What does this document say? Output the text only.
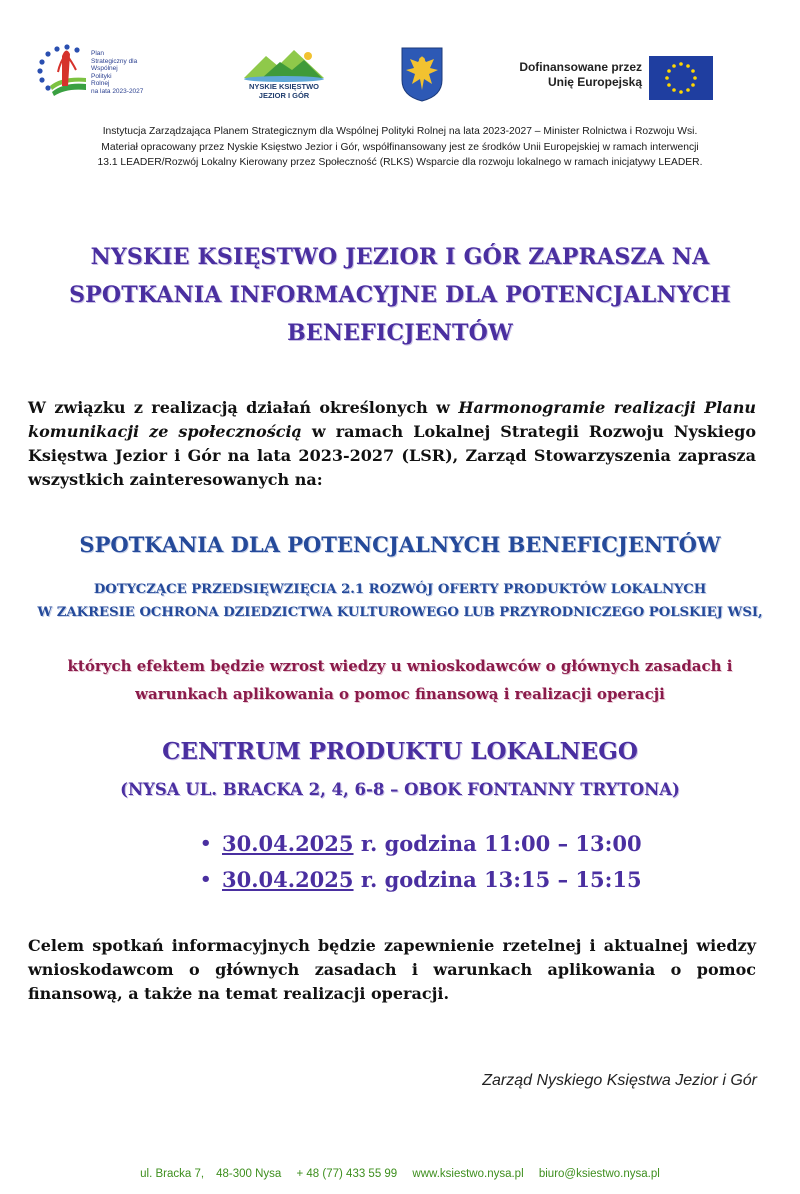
Plan
Strategiczny dla
Wspólnej
Polityki
Rolnej
na lata 2023-2027
NYSKIE KSIĘSTWO
JEZIOR I GÓR
Dofinansowane przez
Unię Europejską
Instytucja Zarządzająca Planem Strategicznym dla Wspólnej Polityki Rolnej na lata 2023-2027 – Minister Rolnictwa i Rozwoju Wsi.
Materiał opracowany przez Nyskie Księstwo Jezior i Gór, współfinansowany jest ze środków Unii Europejskiej w ramach interwencji
13.1 LEADER/Rozwój Lokalny Kierowany przez Społeczność (RLKS) Wsparcie dla rozwoju lokalnego w ramach inicjatywy LEADER.
NYSKIE KSIĘSTWO JEZIOR I GÓR ZAPRASZA NA
SPOTKANIA INFORMACYJNE DLA POTENCJALNYCH
BENEFICJENTÓW
W związku z realizacją działań określonych w Harmonogramie realizacji Planu komunikacji ze społecznością w ramach Lokalnej Strategii Rozwoju Nyskiego Księstwa Jezior i Gór na lata 2023-2027 (LSR), Zarząd Stowarzyszenia zaprasza wszystkich zainteresowanych na:
SPOTKANIA DLA POTENCJALNYCH BENEFICJENTÓW
DOTYCZĄCE PRZEDSIĘWZIĘCIA 2.1 ROZWÓJ OFERTY PRODUKTÓW LOKALNYCH
W ZAKRESIE OCHRONA DZIEDZICTWA KULTUROWEGO LUB PRZYRODNICZEGO POLSKIEJ WSI,
których efektem będzie wzrost wiedzy u wnioskodawców o głównych zasadach i
warunkach aplikowania o pomoc finansową i realizacji operacji
CENTRUM PRODUKTU LOKALNEGO
(NYSA UL. BRACKA 2, 4, 6-8 – OBOK FONTANNY TRYTONA)
• 30.04.2025 r. godzina 11:00 – 13:00
• 30.04.2025 r. godzina 13:15 – 15:15
Celem spotkań informacyjnych będzie zapewnienie rzetelnej i aktualnej wiedzy wnioskodawcom o głównych zasadach i warunkach aplikowania o pomoc finansową, a także na temat realizacji operacji.
Zarząd Nyskiego Księstwa Jezior i Gór
ul. Bracka 7, 48-300 Nysa + 48 (77) 433 55 99 www.ksiestwo.nysa.pl biuro@ksiestwo.nysa.pl
